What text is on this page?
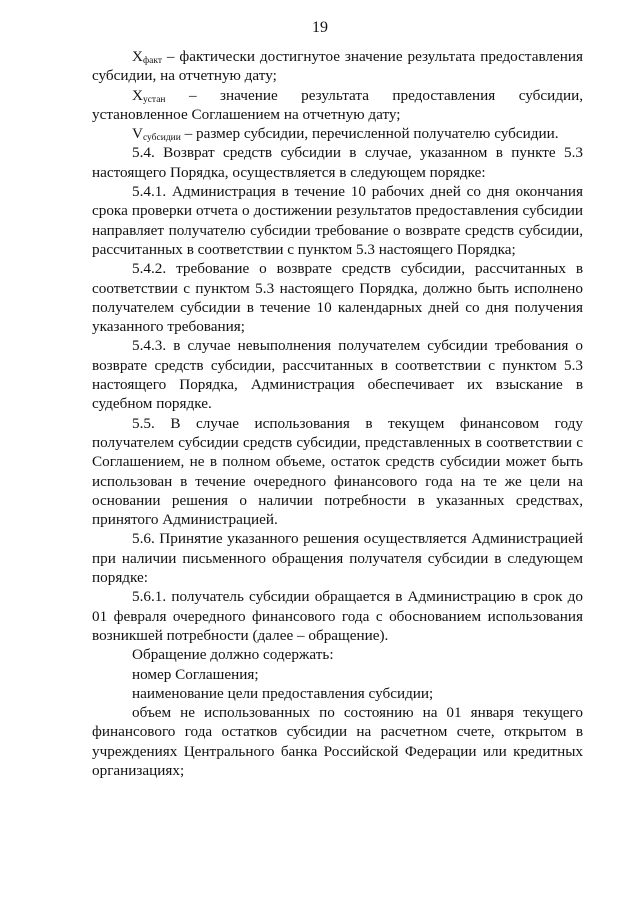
19

$X_{факт}$ – фактически достигнутое значение результата предоставления субсидии, на отчетную дату;

$X_{устан}$ – значение результата предоставления субсидии, установленное Соглашением на отчетную дату;

$V_{субсидии}$ – размер субсидии, перечисленной получателю субсидии.

5.4. Возврат средств субсидии в случае, указанном в пункте 5.3 настоящего Порядка, осуществляется в следующем порядке:

5.4.1. Администрация в течение 10 рабочих дней со дня окончания срока проверки отчета о достижении результатов предоставления субсидии направляет получателю субсидии требование о возврате средств субсидии, рассчитанных в соответствии с пунктом 5.3 настоящего Порядка;

5.4.2. требование о возврате средств субсидии, рассчитанных в соответствии с пунктом 5.3 настоящего Порядка, должно быть исполнено получателем субсидии в течение 10 календарных дней со дня получения указанного требования;

5.4.3. в случае невыполнения получателем субсидии требования о возврате средств субсидии, рассчитанных в соответствии с пунктом 5.3 настоящего Порядка, Администрация обеспечивает их взыскание в судебном порядке.

5.5. В случае использования в текущем финансовом году получателем субсидии средств субсидии, представленных в соответствии с Соглашением, не в полном объеме, остаток средств субсидии может быть использован в течение очередного финансового года на те же цели на основании решения о наличии потребности в указанных средствах, принятого Администрацией.

5.6. Принятие указанного решения осуществляется Администрацией при наличии письменного обращения получателя субсидии в следующем порядке:

5.6.1. получатель субсидии обращается в Администрацию в срок до 01 февраля очередного финансового года с обоснованием использования возникшей потребности (далее – обращение).

Обращение должно содержать:

номер Соглашения;

наименование цели предоставления субсидии;

объем не использованных по состоянию на 01 января текущего финансового года остатков субсидии на расчетном счете, открытом в учреждениях Центрального банка Российской Федерации или кредитных организациях;
